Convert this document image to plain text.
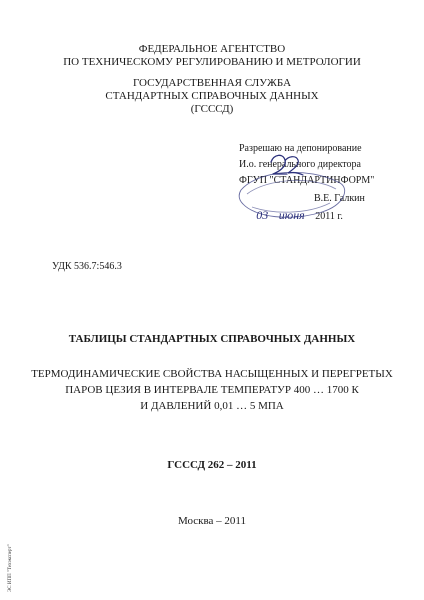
ФЕДЕРАЛЬНОЕ АГЕНТСТВО
ПО ТЕХНИЧЕСКОМУ РЕГУЛИРОВАНИЮ И МЕТРОЛОГИИ
ГОСУДАРСТВЕННАЯ СЛУЖБА
СТАНДАРТНЫХ СПРАВОЧНЫХ ДАННЫХ
(ГСССД)
Разрешаю на депонирование
И.о. генерального директора
ФГУП "СТАНДАРТИНФОРМ"
В.Е. Галкин
03 июня 2011 г.
УДК 536.7:546.3
ТАБЛИЦЫ СТАНДАРТНЫХ СПРАВОЧНЫХ ДАННЫХ
ТЕРМОДИНАМИЧЕСКИЕ СВОЙСТВА НАСЫЩЕННЫХ И ПЕРЕГРЕТЫХ
ПАРОВ ЦЕЗИЯ В ИНТЕРВАЛЕ ТЕМПЕРАТУР 400 … 1700 К
И ДАВЛЕНИЙ 0,01 … 5 МПА
ГСССД 262 – 2011
Москва – 2011
ЭС ИПП "Техэксперт"
